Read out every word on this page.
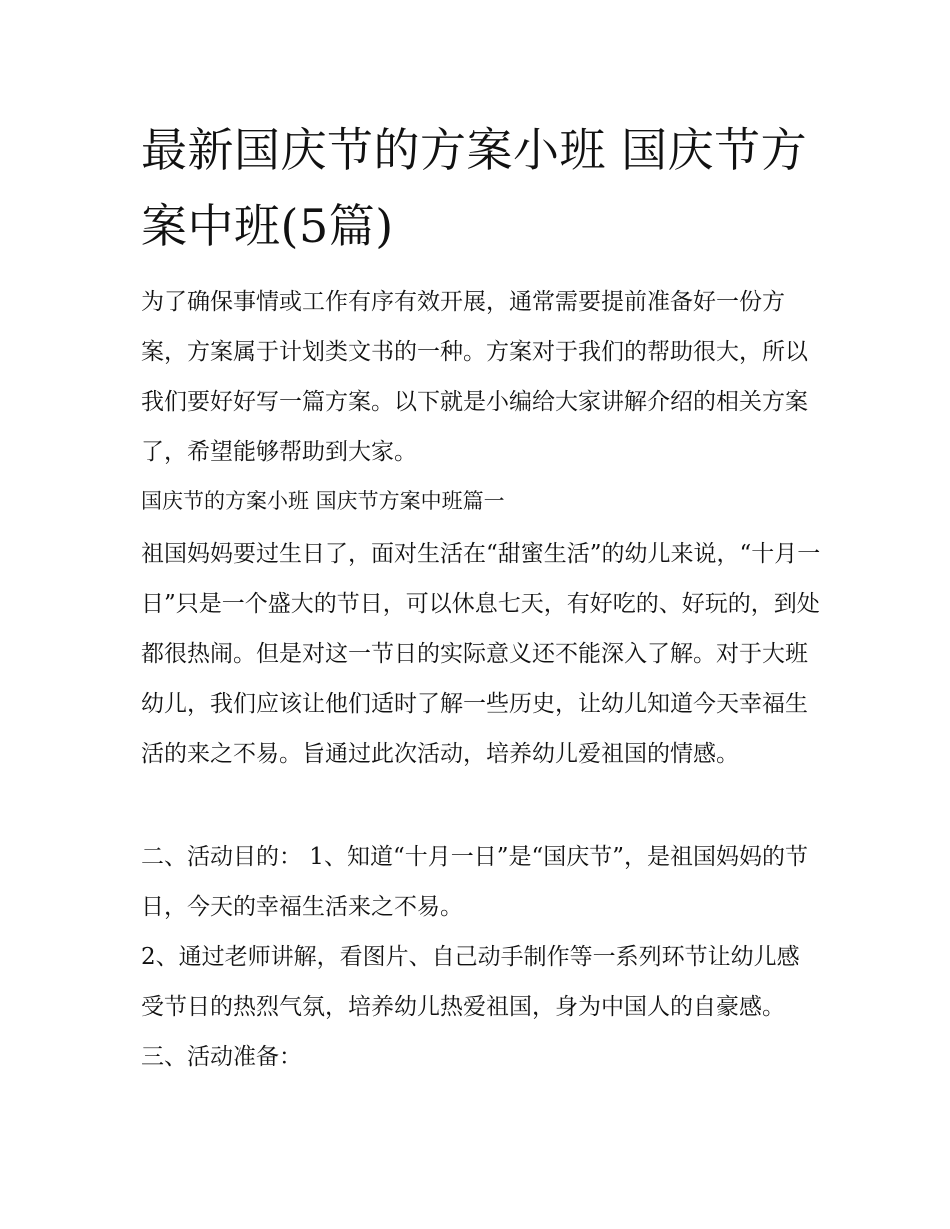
最新国庆节的方案小班 国庆节方案中班(5篇)

为了确保事情或工作有序有效开展，通常需要提前准备好一份方案，方案属于计划类文书的一种。方案对于我们的帮助很大，所以我们要好好写一篇方案。以下就是小编给大家讲解介绍的相关方案了，希望能够帮助到大家。

国庆节的方案小班 国庆节方案中班篇一

祖国妈妈要过生日了，面对生活在“甜蜜生活”的幼儿来说，“十月一日”只是一个盛大的节日，可以休息七天，有好吃的、好玩的，到处都很热闹。但是对这一节日的实际意义还不能深入了解。对于大班幼儿，我们应该让他们适时了解一些历史，让幼儿知道今天幸福生活的来之不易。旨通过此次活动，培养幼儿爱祖国的情感。

二、活动目的： 1、知道“十月一日”是“国庆节”，是祖国妈妈的节日，今天的幸福生活来之不易。

2、通过老师讲解，看图片、自己动手制作等一系列环节让幼儿感受节日的热烈气氛，培养幼儿热爱祖国，身为中国人的自豪感。 三、活动准备：
